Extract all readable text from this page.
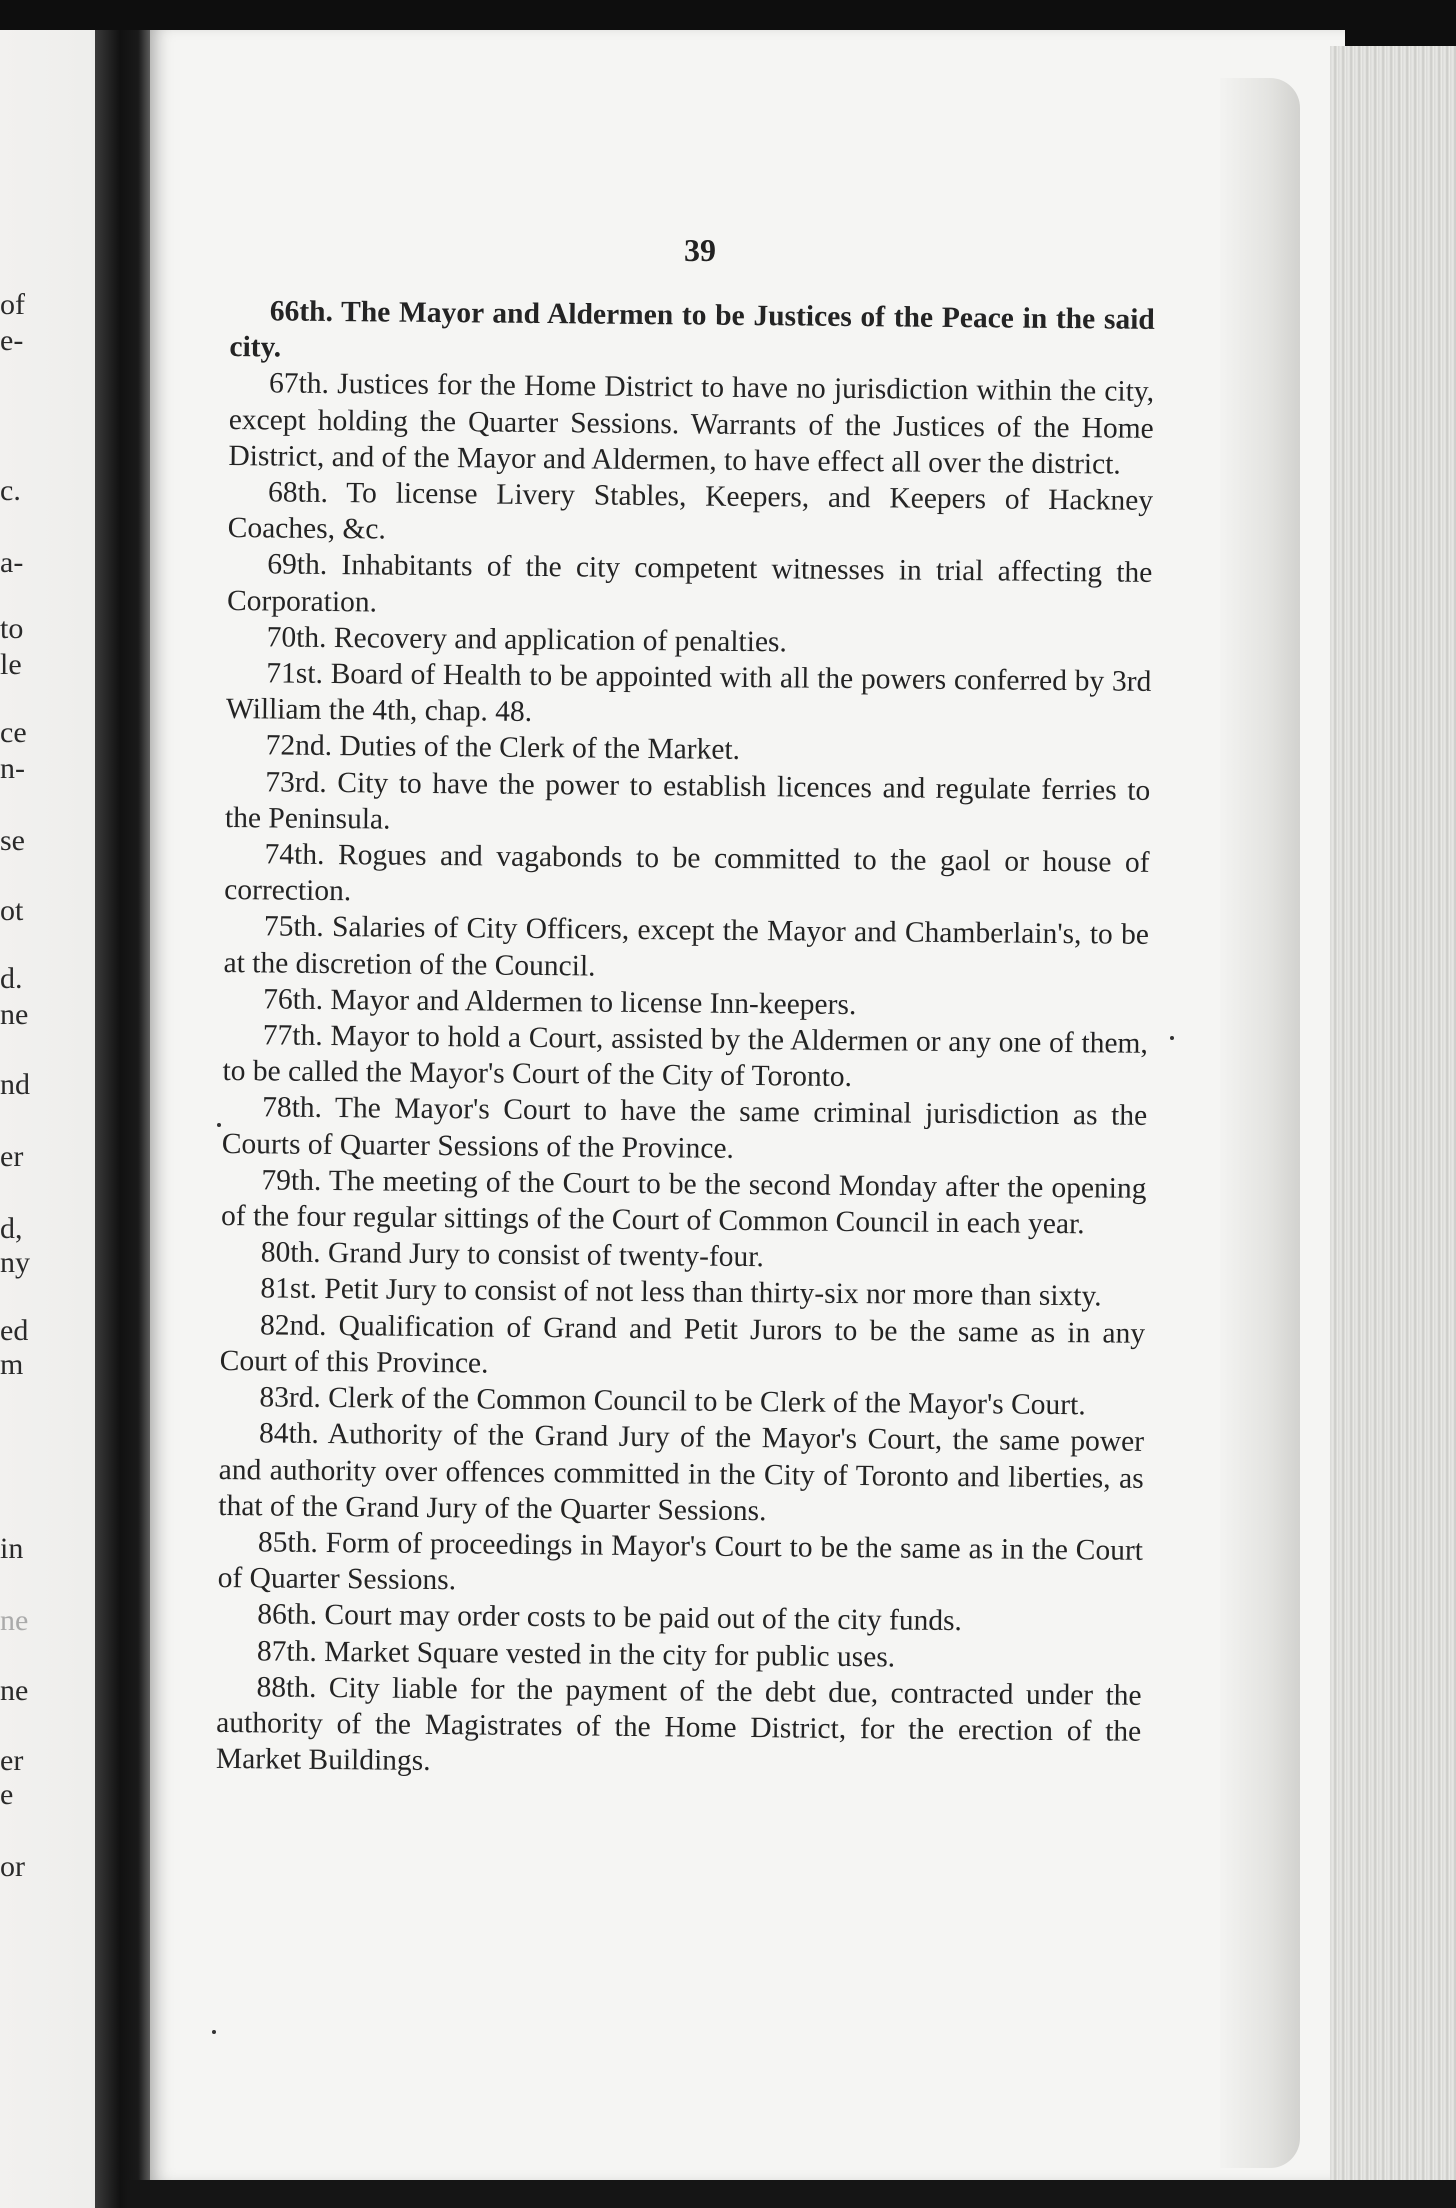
of
e-
c.
a-
to
le
ce
n-
se
ot
d.
ne
nd
er
d,
ny
ed
m
in
ne
ne
er
e
or
39

66th. The Mayor and Aldermen to be Justices of the Peace in the said city.

67th. Justices for the Home District to have no jurisdiction within the city, except holding the Quarter Sessions. Warrants of the Justices of the Home District, and of the Mayor and Aldermen, to have effect all over the district.

68th. To license Livery Stables, Keepers, and Keepers of Hackney Coaches, &c.

69th. Inhabitants of the city competent witnesses in trial affecting the Corporation.

70th. Recovery and application of penalties.

71st. Board of Health to be appointed with all the powers conferred by 3rd William the 4th, chap. 48.

72nd. Duties of the Clerk of the Market.

73rd. City to have the power to establish licences and regulate ferries to the Peninsula.

74th. Rogues and vagabonds to be committed to the gaol or house of correction.

75th. Salaries of City Officers, except the Mayor and Chamberlain's, to be at the discretion of the Council.

76th. Mayor and Aldermen to license Inn-keepers.

77th. Mayor to hold a Court, assisted by the Aldermen or any one of them, to be called the Mayor's Court of the City of Toronto.

78th. The Mayor's Court to have the same criminal jurisdiction as the Courts of Quarter Sessions of the Province.

79th. The meeting of the Court to be the second Monday after the opening of the four regular sittings of the Court of Common Council in each year.

80th. Grand Jury to consist of twenty-four.

81st. Petit Jury to consist of not less than thirty-six nor more than sixty.

82nd. Qualification of Grand and Petit Jurors to be the same as in any Court of this Province.

83rd. Clerk of the Common Council to be Clerk of the Mayor's Court.

84th. Authority of the Grand Jury of the Mayor's Court, the same power and authority over offences committed in the City of Toronto and liberties, as that of the Grand Jury of the Quarter Sessions.

85th. Form of proceedings in Mayor's Court to be the same as in the Court of Quarter Sessions.

86th. Court may order costs to be paid out of the city funds.

87th. Market Square vested in the city for public uses.

88th. City liable for the payment of the debt due, contracted under the authority of the Magistrates of the Home District, for the erection of the Market Buildings.
